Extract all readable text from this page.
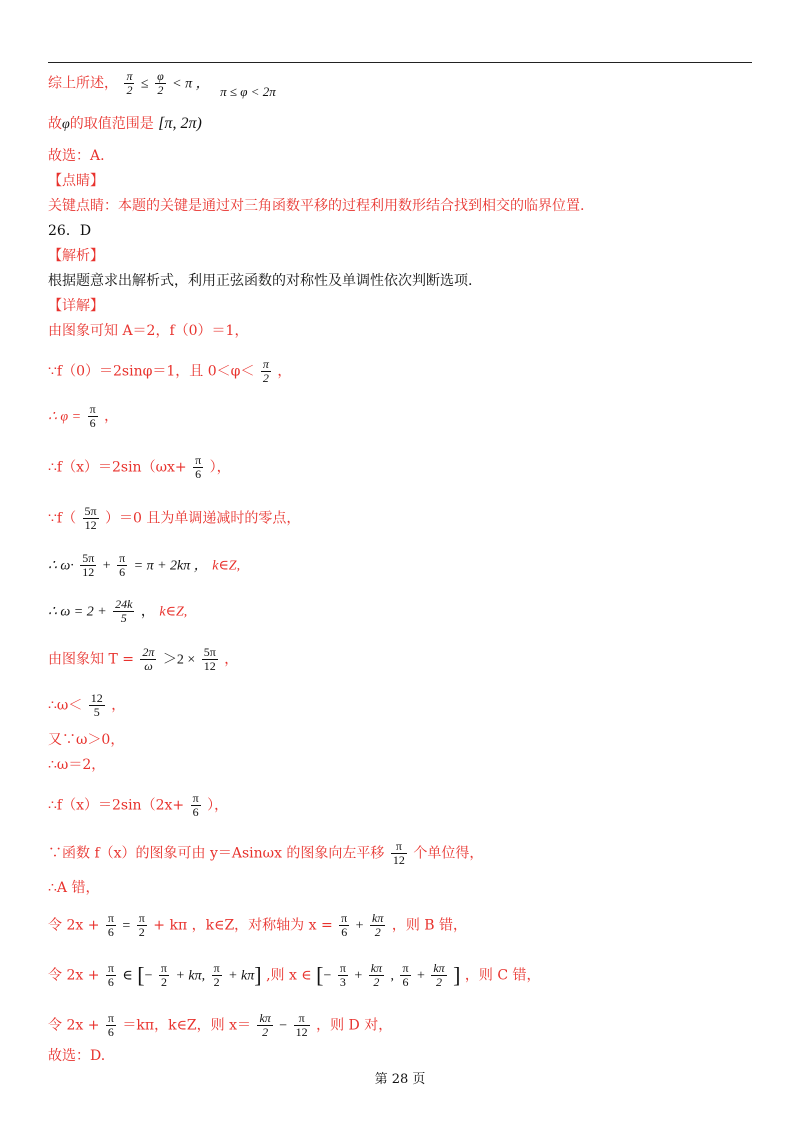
综上所述， $\frac{\pi}{2} \le \frac{\varphi}{2} < \pi$ ， π ≤ φ < 2π
故φ的取值范围是 [π, 2π)
故选：A.
【点睛】
关键点睛：本题的关键是通过对三角函数平移的过程利用数形结合找到相交的临界位置.
26．D
【解析】
根据题意求出解析式，利用正弦函数的对称性及单调性依次判断选项.
【详解】
由图象可知 A＝2，f（0）＝1，
∵f（0）＝2sinφ＝1，且 $0<\varphi< \frac{\pi}{2}$ ，
∴ $\varphi = \frac{\pi}{6}$ ，
∴f（x）＝2sin（ωx+ $\frac{\pi}{6}$ ），
∵f（ $\frac{5\pi}{12} )=0$ 且为单调递减时的零点，
∴ $\omega\cdot \frac{5\pi}{12} + \frac{\pi}{6} = \pi + 2k\pi$ ， k∈Z,
∴ $\omega = 2 + \frac{24k}{5}$ ， k∈Z,
由图象知 $T = \frac{2\pi}{\omega} >2 \times \frac{5\pi}{12}$ ，
∴ω＜ $\frac{12}{5}$ ，
又∵ω＞0，
∴ω＝2，
∴f（x）＝2sin（2x+ $\frac{\pi}{6}$ ），
∵函数 f（x）的图象可由 y＝Asinωx 的图象向左平移 $\frac{\pi}{12}$ 个单位得，
∴A 错，
令 $2x + \frac{\pi}{6} = \frac{\pi}{2} + k\pi$ ，k∈Z，对称轴为 $x = \frac{\pi}{6} + \frac{k\pi}{2}$ ，则 B 错，
令 $2x + \frac{\pi}{6}$ ∈ [− $\frac{\pi}{2} + k\pi$, $\frac{\pi}{2} + k\pi$] ,则 x ∈ [− $\frac{\pi}{3} + \frac{k\pi}{2}$ , $\frac{\pi}{6} + \frac{k\pi}{2}$ ] ，则 C 错，
令 $2x + \frac{\pi}{6} =k\pi$，k∈Z，则 $x= \frac{k\pi}{2} - \frac{\pi}{12}$ ，则 D 对，
故选：D.
第 28 页
